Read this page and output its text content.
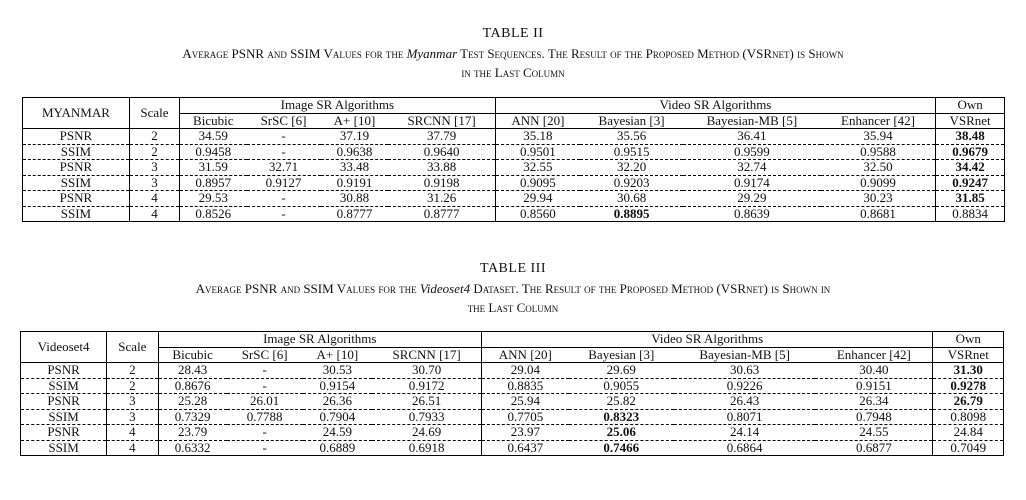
TABLE II
Average PSNR and SSIM Values for the Myanmar Test Sequences. The Result of the Proposed Method (VSRnet) is Shown
in the Last Column
MYANMAR	Scale	Image SR Algorithms				Video SR Algorithms				Own
		Bicubic	SrSC [6]	A+ [10]	SRCNN [17]	ANN [20]	Bayesian [3]	Bayesian-MB [5]	Enhancer [42]	VSRnet
PSNR	2	34.59	-	37.19	37.79	35.18	35.56	36.41	35.94	38.48
SSIM	2	0.9458	-	0.9638	0.9640	0.9501	0.9515	0.9599	0.9588	0.9679
PSNR	3	31.59	32.71	33.48	33.88	32.55	32.20	32.74	32.50	34.42
SSIM	3	0.8957	0.9127	0.9191	0.9198	0.9095	0.9203	0.9174	0.9099	0.9247
PSNR	4	29.53	-	30.88	31.26	29.94	30.68	29.29	30.23	31.85
SSIM	4	0.8526	-	0.8777	0.8777	0.8560	0.8895	0.8639	0.8681	0.8834
TABLE III
Average PSNR and SSIM Values for the Videoset4 Dataset. The Result of the Proposed Method (VSRnet) is Shown in
the Last Column
Videoset4	Scale	Image SR Algorithms				Video SR Algorithms				Own
		Bicubic	SrSC [6]	A+ [10]	SRCNN [17]	ANN [20]	Bayesian [3]	Bayesian-MB [5]	Enhancer [42]	VSRnet
PSNR	2	28.43	-	30.53	30.70	29.04	29.69	30.63	30.40	31.30
SSIM	2	0.8676	-	0.9154	0.9172	0.8835	0.9055	0.9226	0.9151	0.9278
PSNR	3	25.28	26.01	26.36	26.51	25.94	25.82	26.43	26.34	26.79
SSIM	3	0.7329	0.7788	0.7904	0.7933	0.7705	0.8323	0.8071	0.7948	0.8098
PSNR	4	23.79	-	24.59	24.69	23.97	25.06	24.14	24.55	24.84
SSIM	4	0.6332	-	0.6889	0.6918	0.6437	0.7466	0.6864	0.6877	0.7049
